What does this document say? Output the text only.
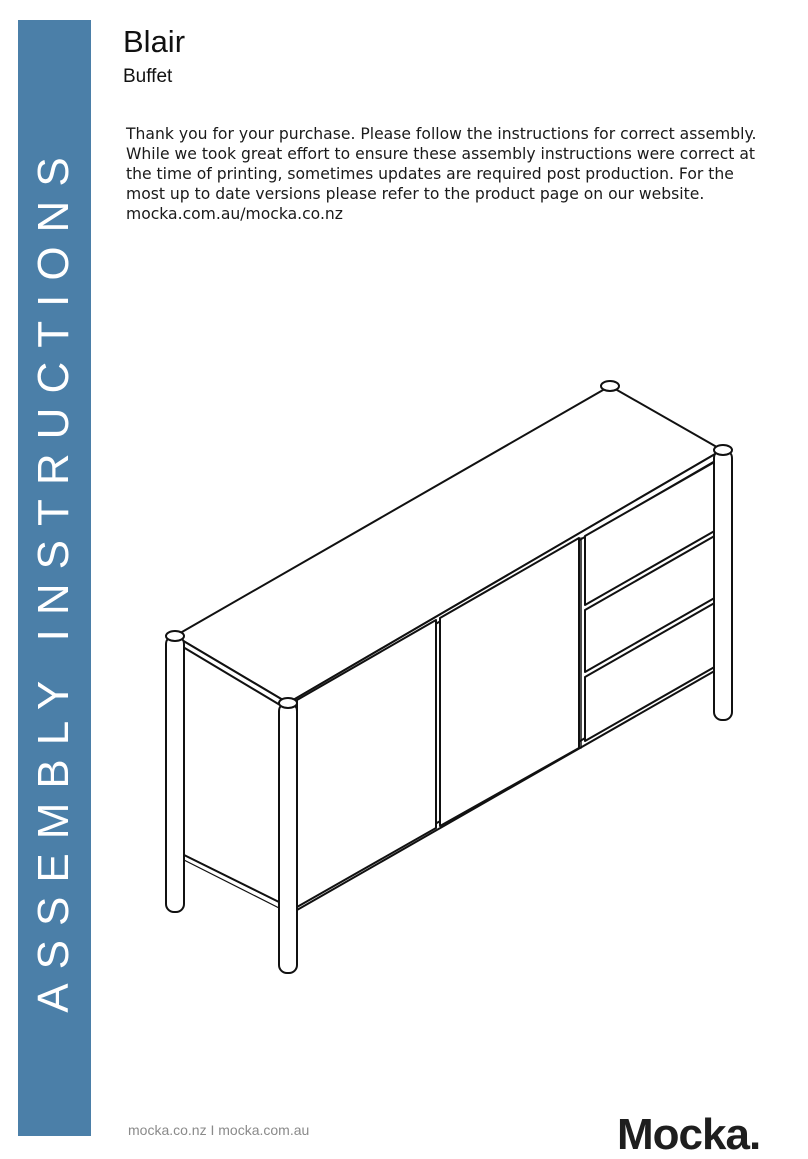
ASSEMBLY INSTRUCTIONS
Blair
Buffet

Thank you for your purchase. Please follow the instructions for correct assembly. While we took great effort to ensure these assembly instructions were correct at the time of printing, sometimes updates are required post production. For the most up to date versions please refer to the product page on our website. mocka.com.au/mocka.co.nz

mocka.co.nz I mocka.com.au	Mocka.
